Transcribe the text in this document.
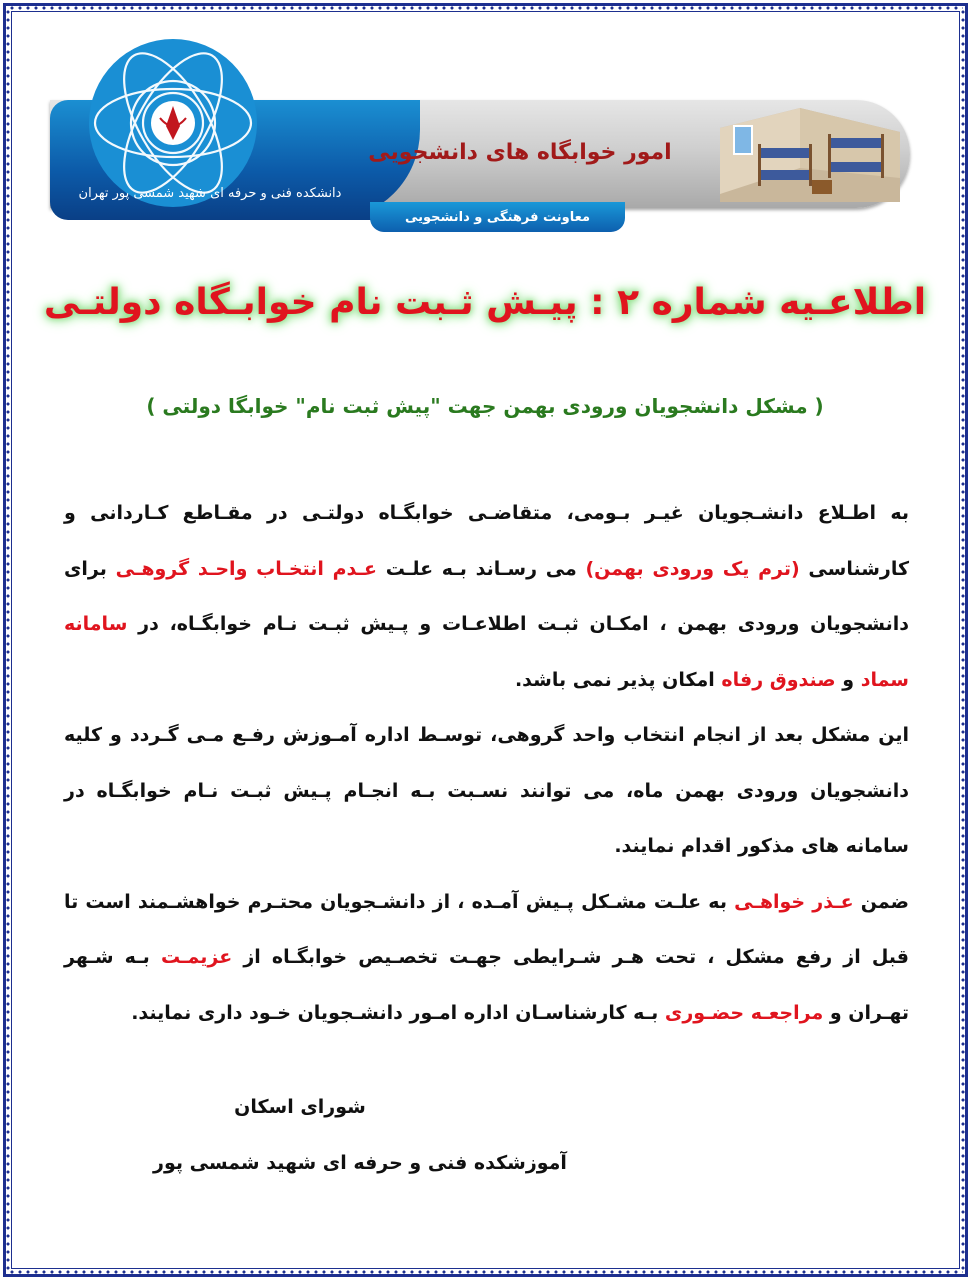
معاونت فرهنگی و دانشجویی
دانشکده فنی و حرفه ای شهید شمسی پور تهران
امور خوابگاه های دانشجویی
اطلاعـیه شماره ۲ : پیـش ثـبت نام خوابـگاه دولتـی
( مشکل دانشجویان ورودی بهمن جهت "پیش ثبت نام" خوابگا دولتی )

به اطـلاع دانشـجویان غیـر بـومی، متقاضـی خوابگـاه دولتـی در مقـاطع کـاردانی و کارشناسی (ترم یک ورودی بهمن) می رسـاند بـه علـت عـدم انتخـاب واحـد گروهـی برای دانشجویان ورودی بهمن ، امکـان ثبـت اطلاعـات و پـیش ثبـت نـام خوابگـاه، در سامانه سماد و صندوق رفاه امکان پذیر نمی باشد.

این مشکل بعد از انجام انتخاب واحد گروهی، توسـط اداره آمـوزش رفـع مـی گـردد و کلیه دانشجویان ورودی بهمن ماه، می توانند نسـبت بـه انجـام پـیش ثبـت نـام خوابگـاه در سامانه های مذکور اقدام نمایند.

ضمن عـذر خواهـی به علـت مشـکل پـیش آمـده ، از دانشـجویان محتـرم خواهشـمند است تا قبل از رفع مشکل ، تحت هـر شـرایطی جهـت تخصـیص خوابگـاه از عزیمـت بـه شـهر تهـران و مراجعـه حضـوری بـه کارشناسـان اداره امـور دانشـجویان خـود داری نمایند.

شورای اسکان
آموزشکده فنی و حرفه ای شهید شمسی پور
